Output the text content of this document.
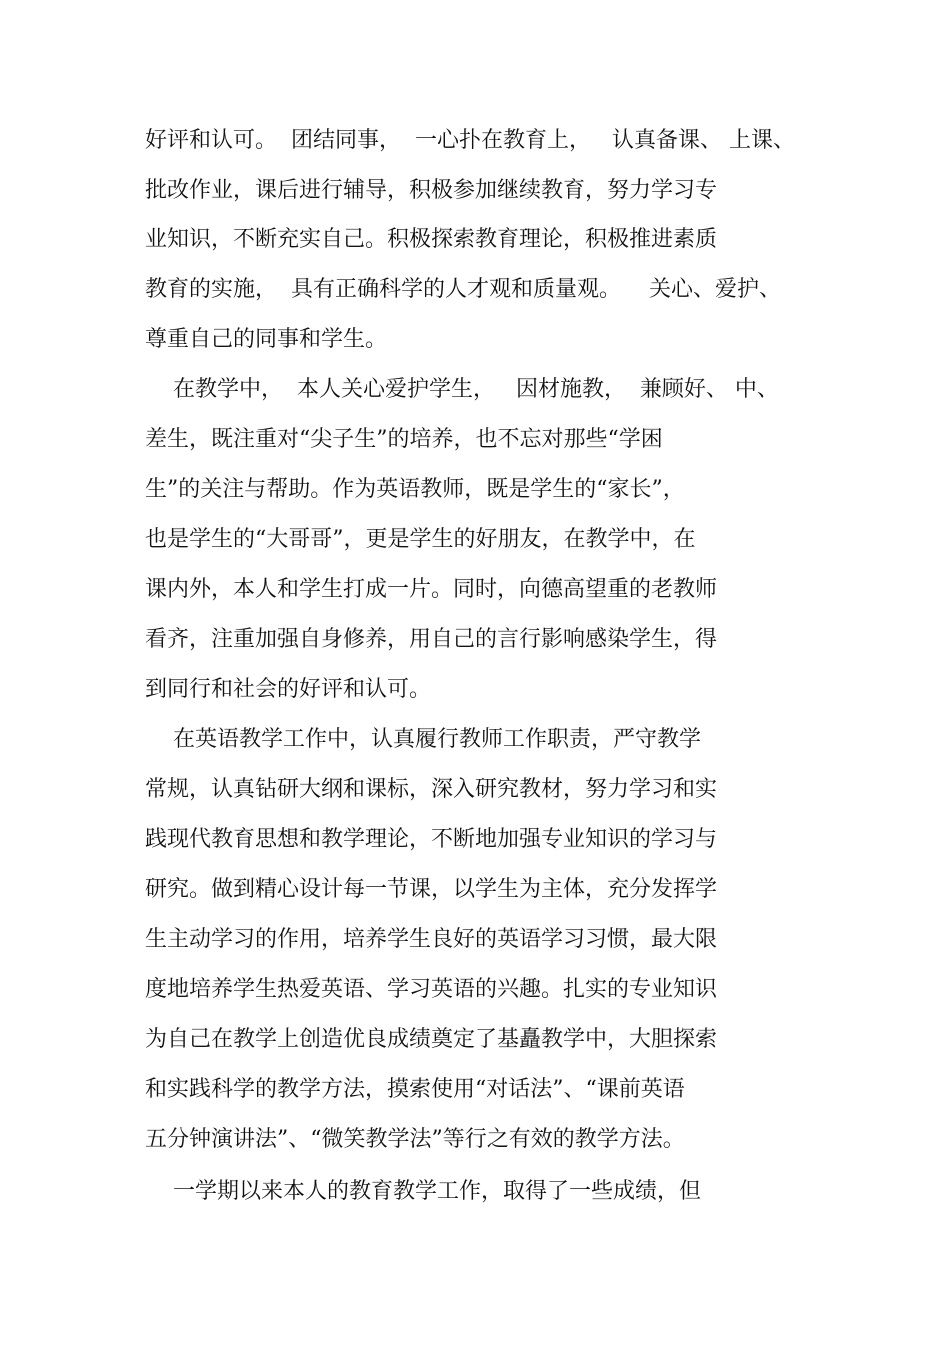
好评和认可。  团结同事，  一心扑在教育上，   认真备课、 上课、
批改作业，课后进行辅导，积极参加继续教育，努力学习专
业知识，不断充实自己。积极探索教育理论，积极推进素质
教育的实施，  具有正确科学的人才观和质量观。    关心、爱护、
尊重自己的同事和学生。
在教学中，  本人关心爱护学生，   因材施教，  兼顾好、 中、
差生，既注重对“尖子生”的培养，也不忘对那些“学困
生”的关注与帮助。作为英语教师，既是学生的“家长”，
也是学生的“大哥哥”，更是学生的好朋友，在教学中，在
课内外，本人和学生打成一片。同时，向德高望重的老教师
看齐，注重加强自身修养，用自己的言行影响感染学生，得
到同行和社会的好评和认可。
在英语教学工作中，认真履行教师工作职责，严守教学
常规，认真钻研大纲和课标，深入研究教材，努力学习和实
践现代教育思想和教学理论，不断地加强专业知识的学习与
研究。做到精心设计每一节课，以学生为主体，充分发挥学
生主动学习的作用，培养学生良好的英语学习习惯，最大限
度地培养学生热爱英语、学习英语的兴趣。扎实的专业知识
为自己在教学上创造优良成绩奠定了基矗教学中，大胆探索
和实践科学的教学方法，摸索使用“对话法”、“课前英语
五分钟演讲法”、“微笑教学法”等行之有效的教学方法。
一学期以来本人的教育教学工作，取得了一些成绩，但
